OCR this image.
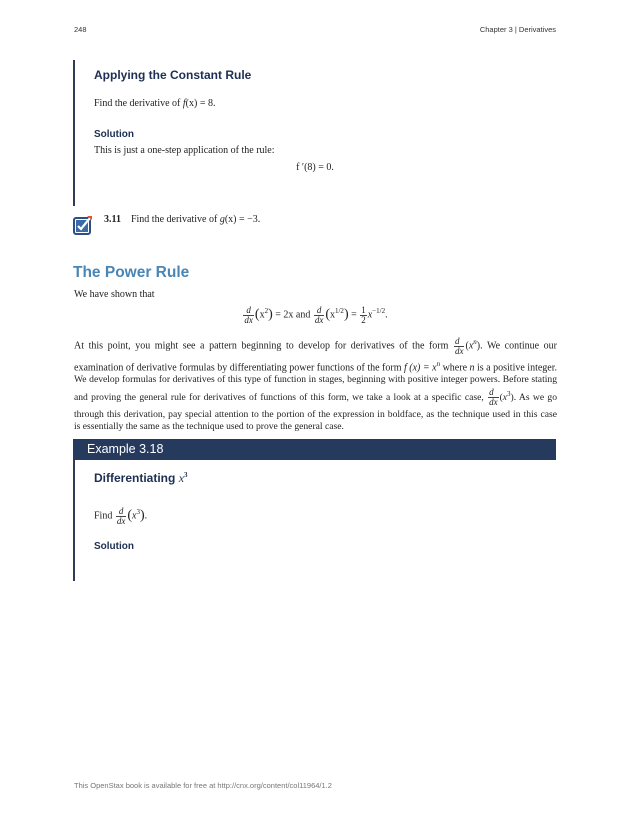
248	Chapter 3 | Derivatives
Applying the Constant Rule
Find the derivative of f(x) = 8.
Solution
This is just a one-step application of the rule:
f ′(8) = 0.
3.11 Find the derivative of g(x) = −3.
The Power Rule
We have shown that
$\frac{d}{dx} (x^2) = 2x$ and $\frac{d}{dx} (x^{1/2}) = \frac{1}{2} x^{-1/2}$.
At this point, you might see a pattern beginning to develop for derivatives of the form $\frac{d}{dx} (x^n)$. We continue our
examination of derivative formulas by differentiating power functions of the form f $(x) = x^n$ where n is a positive integer.
We develop formulas for derivatives of this type of function in stages, beginning with positive integer powers. Before stating
and proving the general rule for derivatives of functions of this form, we take a look at a specific case, $\frac{d}{dx} (x^3)$. As we go
through this derivation, pay special attention to the portion of the expression in boldface, as the technique used in this case
is essentially the same as the technique used to prove the general case.
Example 3.18
Differentiating $x^3$
Find $\frac{d}{dx} (x^3)$.
Solution
This OpenStax book is available for free at http://cnx.org/content/col11964/1.2
